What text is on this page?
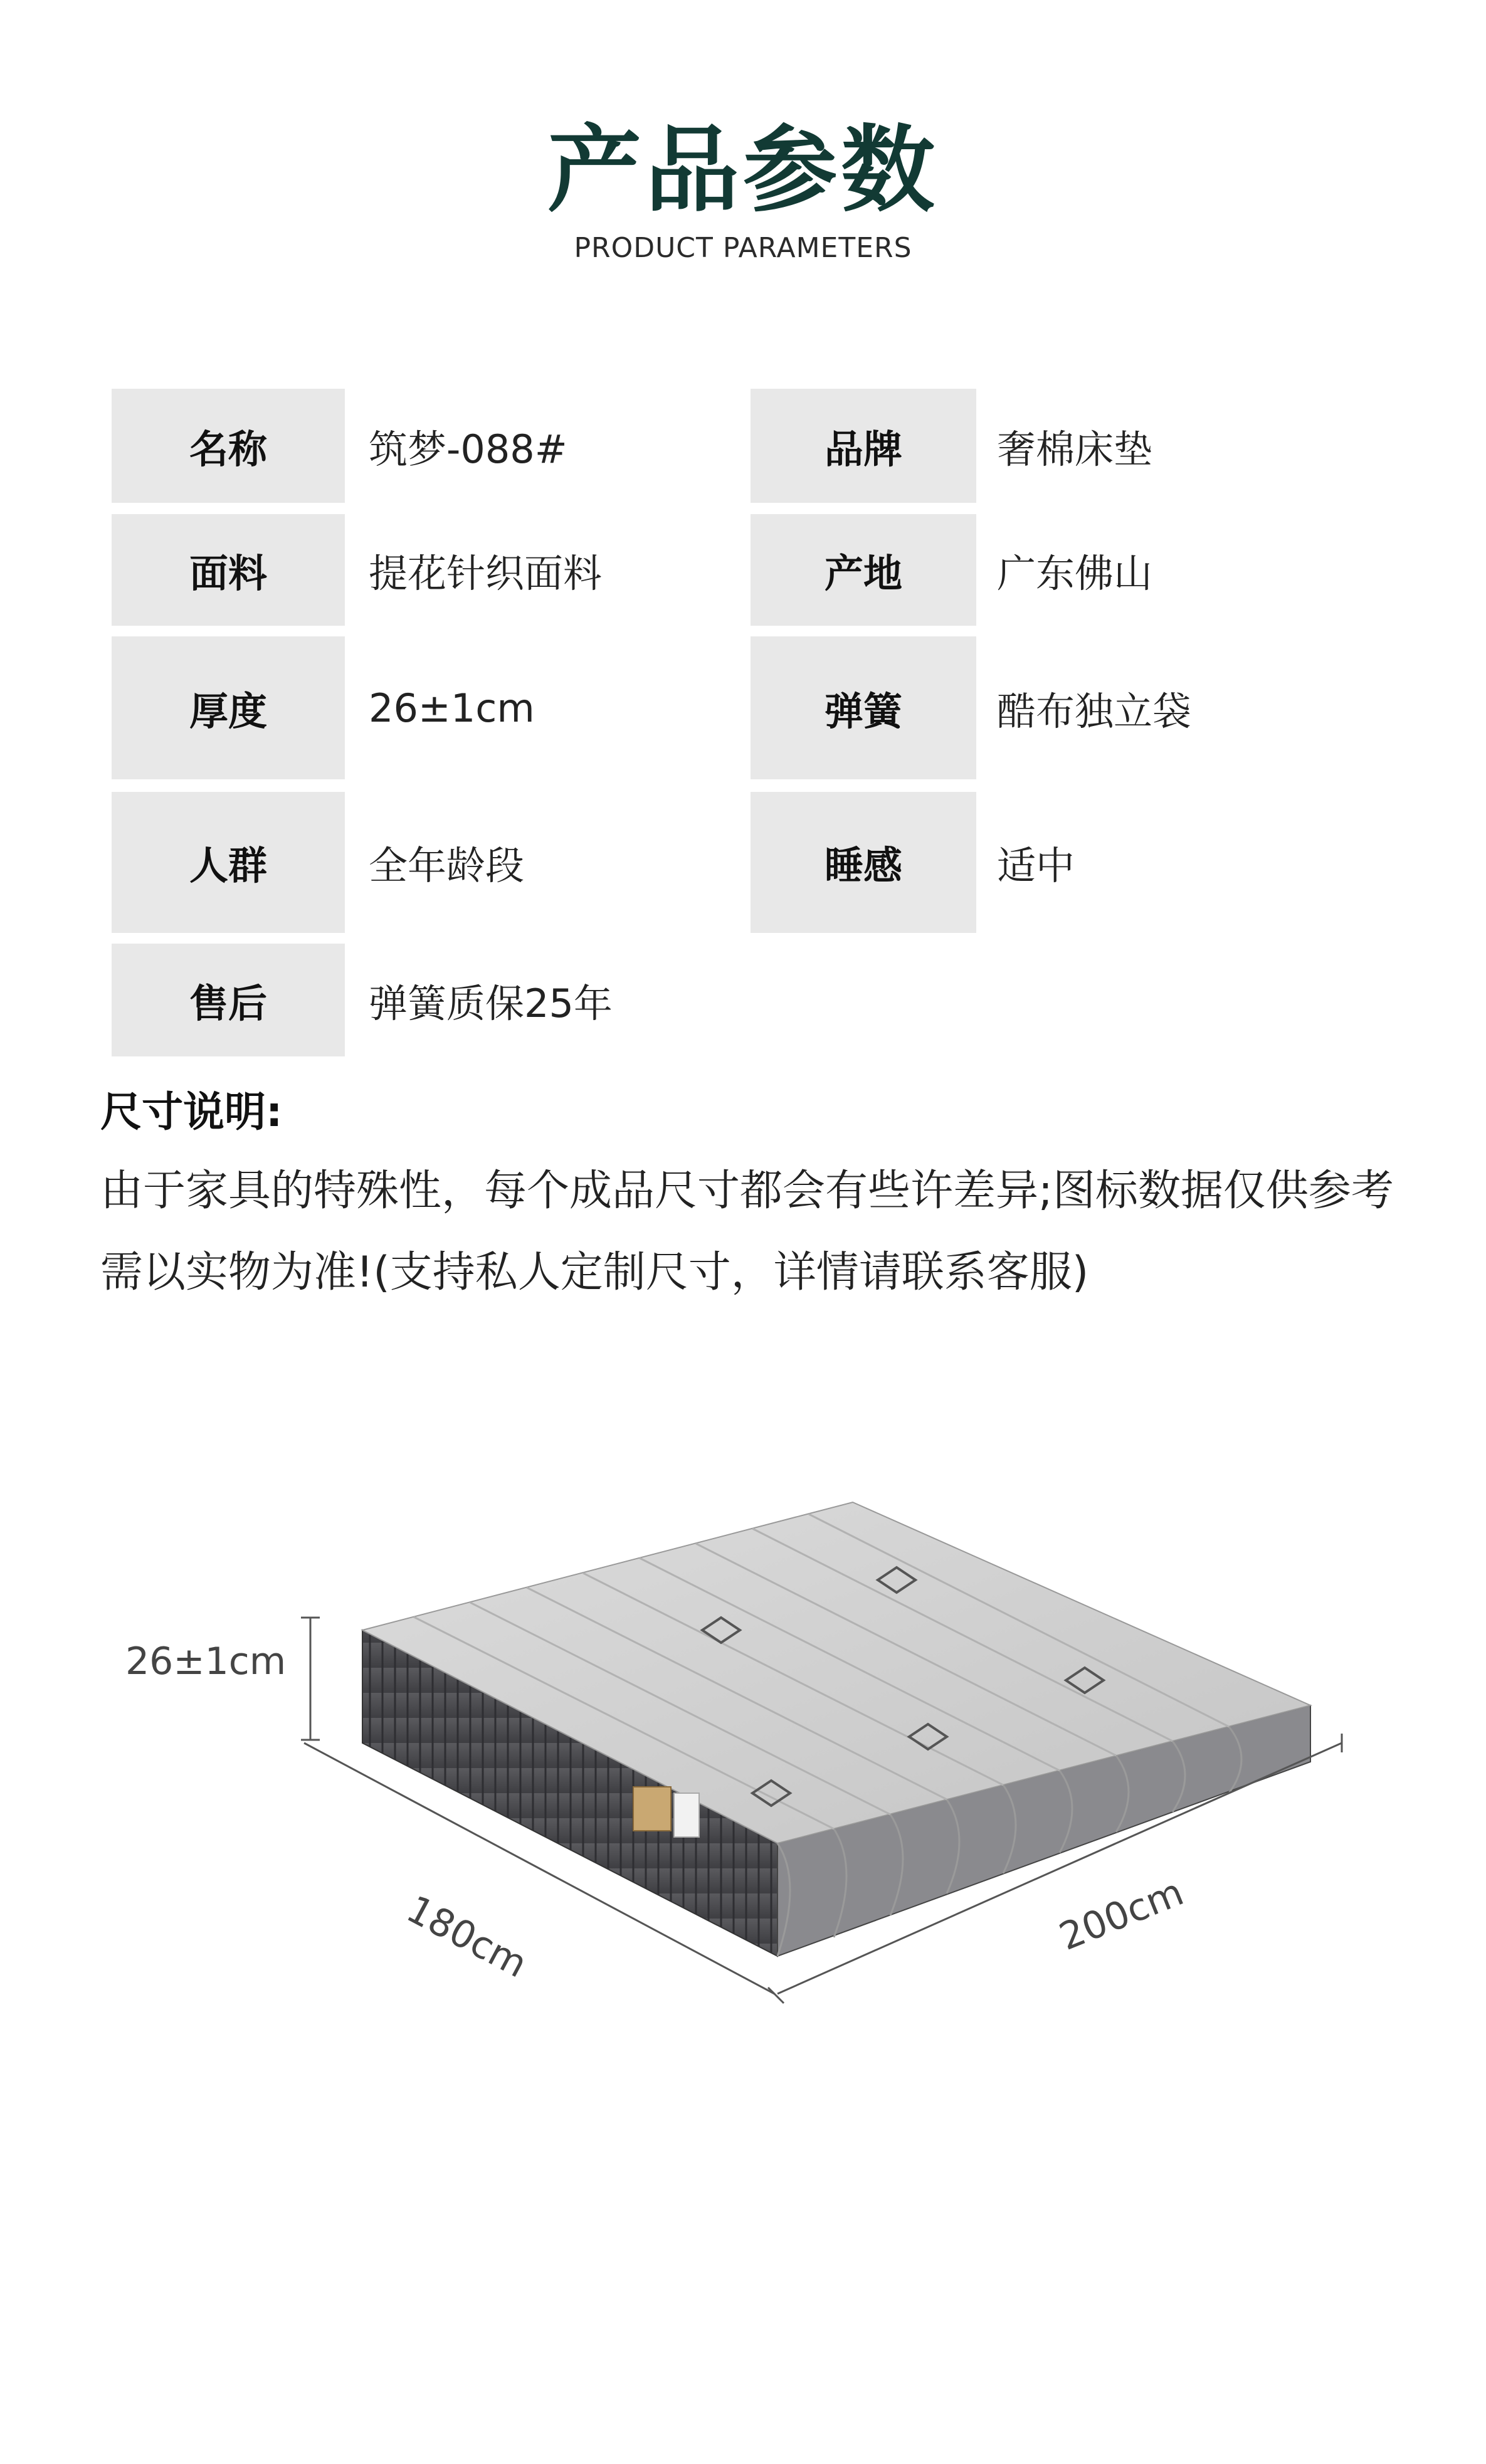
产品参数
PRODUCT PARAMETERS
名称	筑梦-088#
面料	提花针织面料
厚度	26±1cm
人群	全年龄段
售后	弹簧质保25年
品牌	奢棉床垫
产地	广东佛山
弹簧	酷布独立袋
睡感	适中
尺寸说明:
由于家具的特殊性，每个成品尺寸都会有些许差异;图标数据仅供参考需以实物为准!(支持私人定制尺寸，详情请联系客服)
26±1cm
180cm	200cm
